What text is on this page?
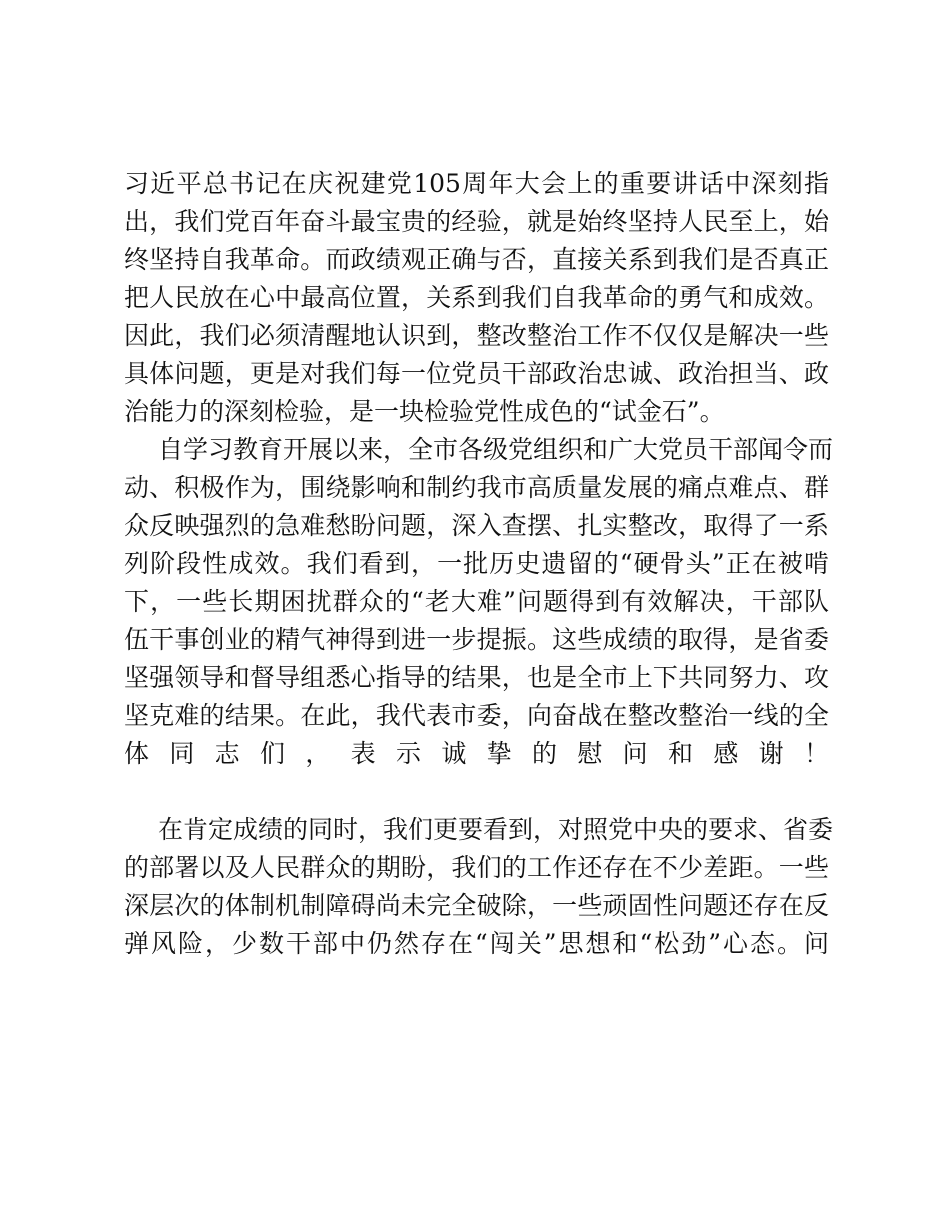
习近平总书记在庆祝建党105周年大会上的重要讲话中深刻指
出，我们党百年奋斗最宝贵的经验，就是始终坚持人民至上，始
终坚持自我革命。而政绩观正确与否，直接关系到我们是否真正
把人民放在心中最高位置，关系到我们自我革命的勇气和成效。
因此，我们必须清醒地认识到，整改整治工作不仅仅是解决一些
具体问题，更是对我们每一位党员干部政治忠诚、政治担当、政
治能力的深刻检验，是一块检验党性成色的“试金石”。
自学习教育开展以来，全市各级党组织和广大党员干部闻令而
动、积极作为，围绕影响和制约我市高质量发展的痛点难点、群
众反映强烈的急难愁盼问题，深入查摆、扎实整改，取得了一系
列阶段性成效。我们看到，一批历史遗留的“硬骨头”正在被啃
下，一些长期困扰群众的“老大难”问题得到有效解决，干部队
伍干事创业的精气神得到进一步提振。这些成绩的取得，是省委
坚强领导和督导组悉心指导的结果，也是全市上下共同努力、攻
坚克难的结果。在此，我代表市委，向奋战在整改整治一线的全
体同志们，表示诚挚的慰问和感谢！
在肯定成绩的同时，我们更要看到，对照党中央的要求、省委
的部署以及人民群众的期盼，我们的工作还存在不少差距。一些
深层次的体制机制障碍尚未完全破除，一些顽固性问题还存在反
弹风险，少数干部中仍然存在“闯关”思想和“松劲”心态。问
